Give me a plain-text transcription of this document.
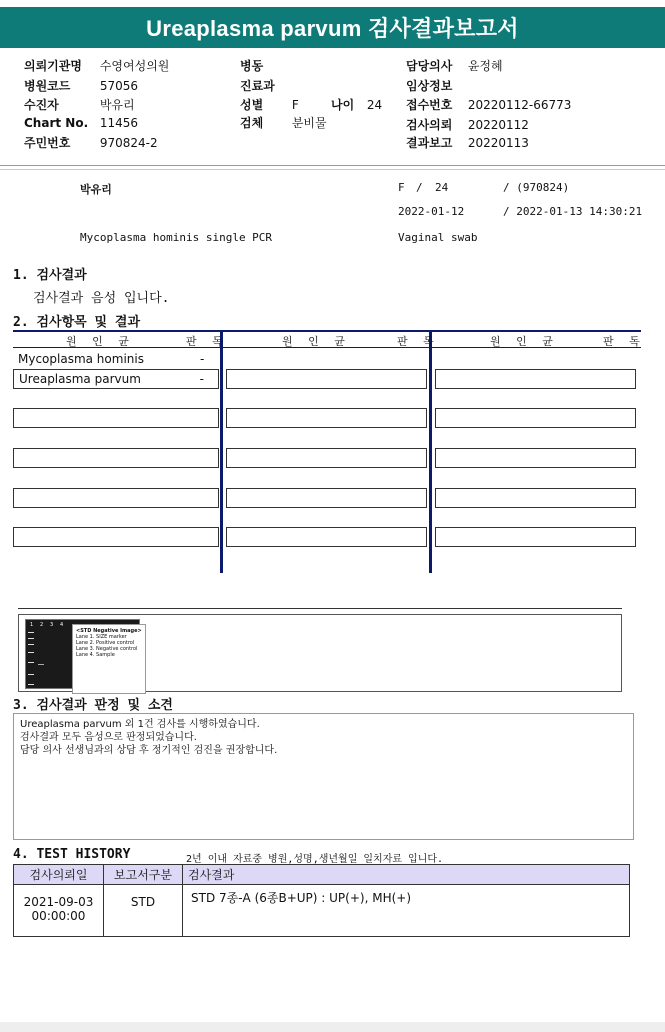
Ureaplasma parvum 검사결과보고서
의뢰기관명 수영여성의원
병원코드 57056
수진자	박유리
Chart No. 11456
주민번호 970824-2
병동
진료과
성별 F	나이 24
검체 분비물
담당의사 윤정혜
임상정보
접수번호 20220112-66773
검사의뢰 20220112
결과보고 20220113
박유리	F / 24	/ (970824)
2022-01-12	/ 2022-01-13 14:30:21
Mycoplasma hominis single PCR	Vaginal swab
1. 검사결과
검사결과 음성 입니다.
2. 검사항목 및 결과
원 인 균	판 독	원 인 균	판 독	원 인 균	판 독
Mycoplasma hominis	-
Ureaplasma parvum	-
1 2 3 4
<STD Negative Image>
Lane 1. SIZE marker
Lane 2. Positive control
Lane 3. Negative control
Lane 4. Sample
3. 검사결과 판정 및 소견
Ureaplasma parvum 외 1건 검사를 시행하였습니다.
검사결과 모두 음성으로 판정되었습니다.
담당 의사 선생님과의 상담 후 정기적인 검진을 권장합니다.
4. TEST HISTORY	2년 이내 자료중 병원,성명,생년월일 일치자료 입니다.
검사의뢰일	보고서구분	검사결과

2021-09-03
00:00:00	STD	STD 7종-A (6종B+UP) : UP(+), MH(+)
